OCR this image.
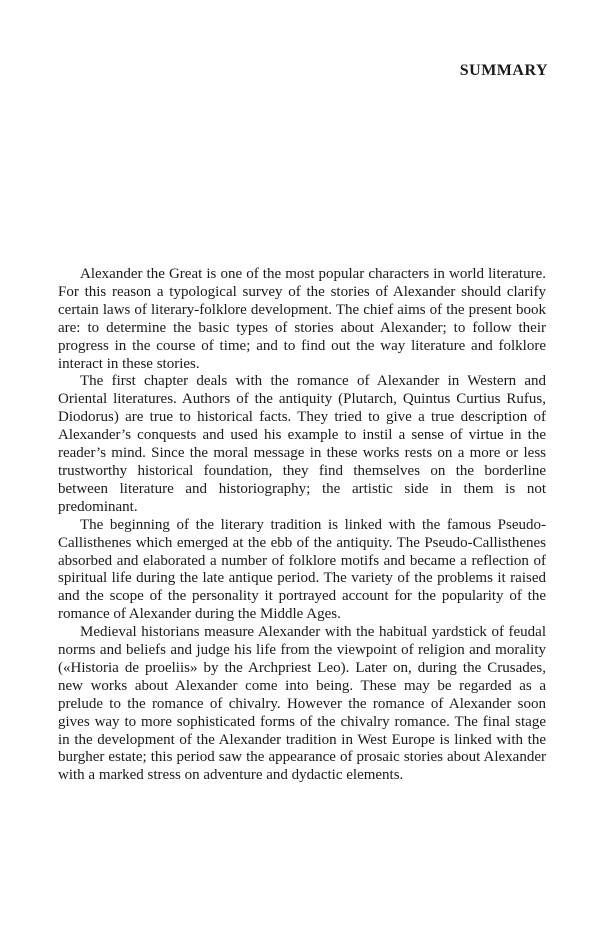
SUMMARY

Alexander the Great is one of the most popular characters in world literature. For this reason a typological survey of the stories of Alexander should clarify certain laws of literary-folklore development. The chief aims of the present book are: to determine the basic types of stories about Alexander; to follow their progress in the course of time; and to find out the way literature and folklore interact in these stories.

The first chapter deals with the romance of Alexander in Western and Oriental literatures. Authors of the antiquity (Plutarch, Quintus Curtius Rufus, Diodorus) are true to historical facts. They tried to give a true description of Alexander’s conquests and used his example to instil a sense of virtue in the reader’s mind. Since the moral message in these works rests on a more or less trustworthy historical foundation, they find themselves on the borderline between literature and historiography; the artistic side in them is not predominant.

The beginning of the literary tradition is linked with the famous Pseudo-Callisthenes which emerged at the ebb of the antiquity. The Pseudo-Callisthenes absorbed and elaborated a number of folklore motifs and became a reflection of spiritual life during the late antique period. The variety of the problems it raised and the scope of the personality it portrayed account for the popularity of the romance of Alexander during the Middle Ages.

Medieval historians measure Alexander with the habitual yardstick of feudal norms and beliefs and judge his life from the viewpoint of religion and morality («Historia de proeliis» by the Archpriest Leo). Later on, during the Crusades, new works about Alexander come into being. These may be regarded as a prelude to the romance of chivalry. However the romance of Alexander soon gives way to more sophisticated forms of the chivalry romance. The final stage in the development of the Alexander tradition in West Europe is linked with the burgher estate; this period saw the appearance of prosaic stories about Alexander with a marked stress on adventure and dydactic elements.
